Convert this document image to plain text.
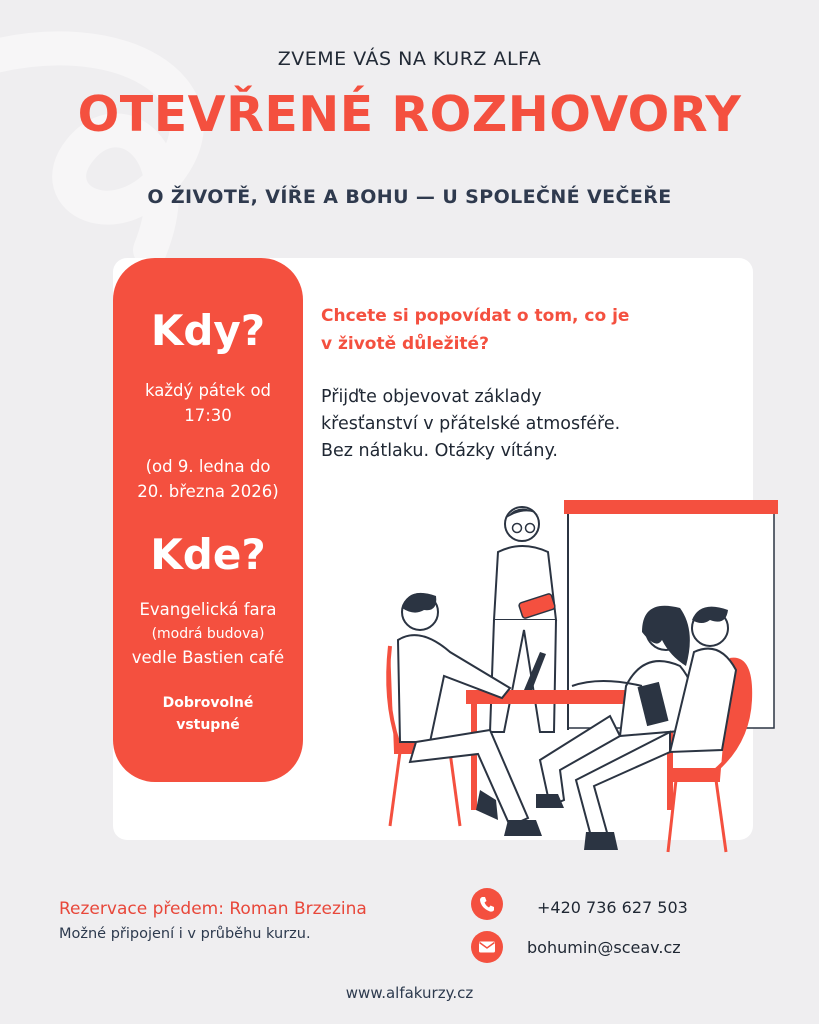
ZVEME VÁS NA KURZ ALFA
OTEVŘENÉ ROZHOVORY
O ŽIVOTĚ, VÍŘE A BOHU — U SPOLEČNÉ VEČEŘE
Kdy?
každý pátek od
17:30
(od 9. ledna do
20. března 2026)
Kde?
Evangelická fara
(modrá budova)
vedle Bastien café
Dobrovolné
vstupné
Chcete si popovídat o tom, co je
v životě důležité?
Přijďte objevovat základy
křesťanství v přátelské atmosféře.
Bez nátlaku. Otázky vítány.
Rezervace předem: Roman Brzezina
Možné připojení i v průběhu kurzu.
+420 736 627 503
bohumin@sceav.cz
www.alfakurzy.cz
